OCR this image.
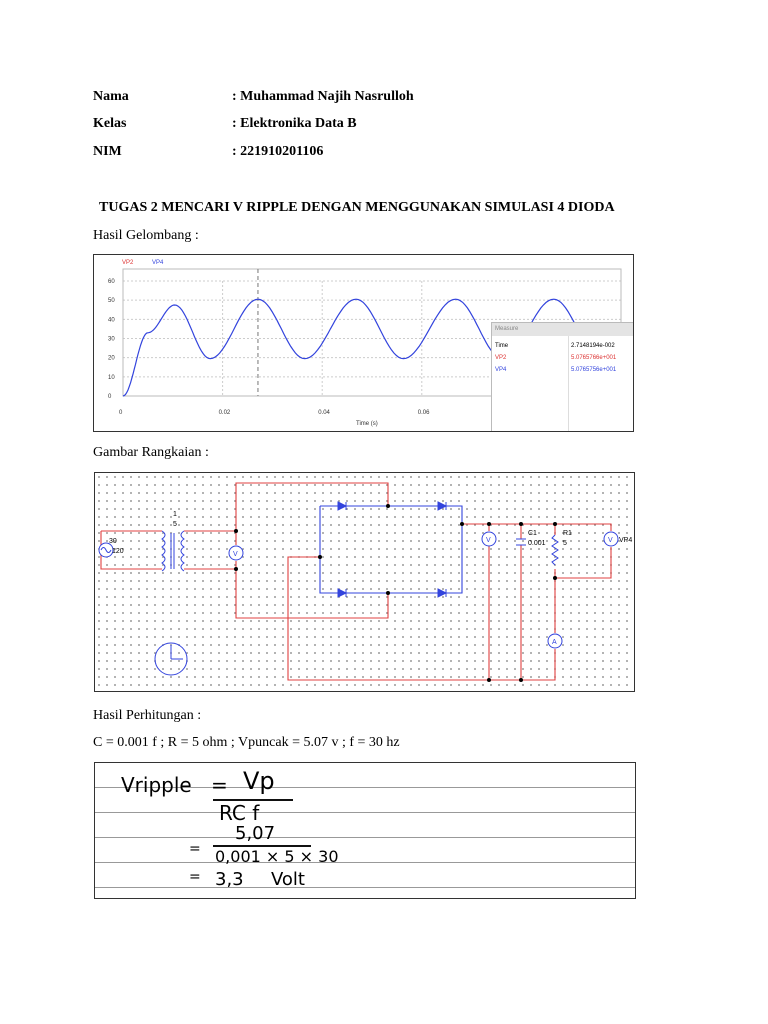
Nama	: Muhammad Najih Nasrulloh
Kelas	: Elektronika Data B
NIM	: 221910201106
TUGAS 2 MENCARI V RIPPLE DENGAN MENGGUNAKAN SIMULASI 4 DIODA
Hasil Gelombang :
VP2	VP4
0
10
20
30
40
50
60
0	0.02	0.04	0.06
Time (s)
Measure
Time	2.7148194e-002
VP2	5.0765766e+001
VP4	5.0765756e+001
Gambar Rangkaian :
30
120
1
5
V
V
C1
0.001
R1
5	V VP4
A
Hasil Perhitungan :
C = 0.001 f ; R = 5 ohm ; Vpuncak = 5.07 v ; f = 30 hz
Vripple = Vp
RC f
5,07
= 0,001 × 5 × 30
= 3,3 Volt
